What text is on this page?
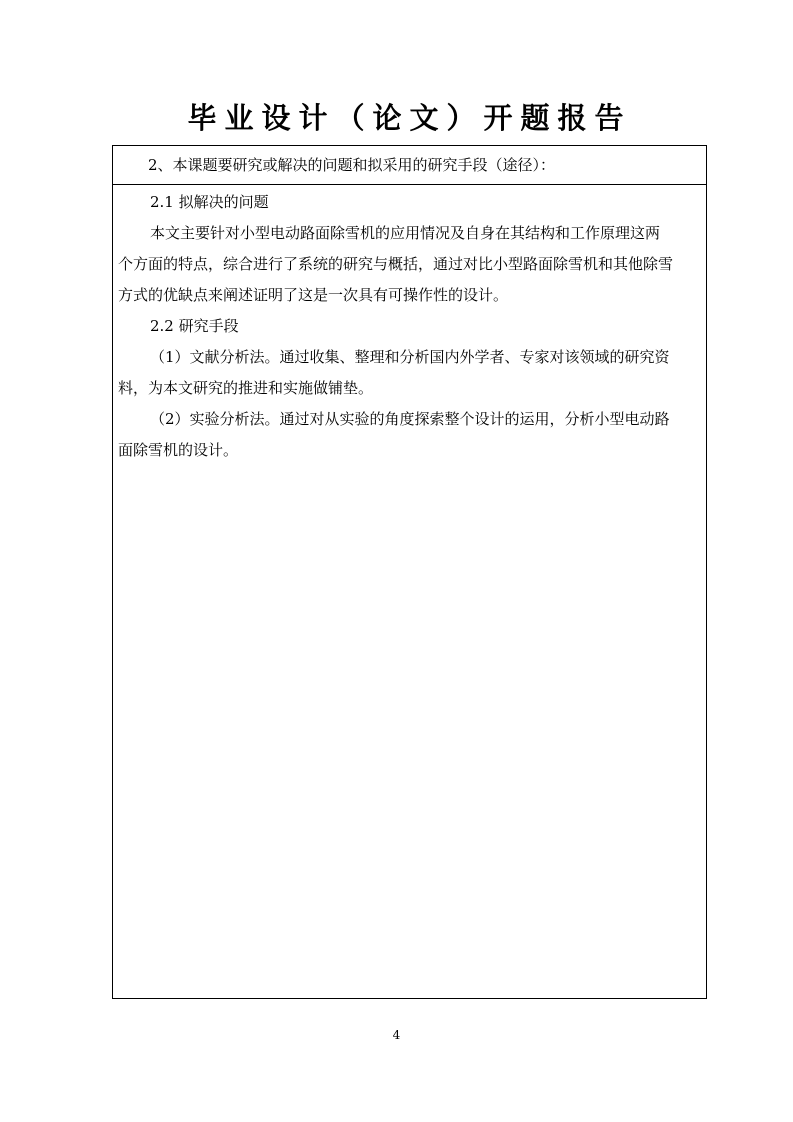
毕业设计（论文）开题报告
2、本课题要研究或解决的问题和拟采用的研究手段（途径）：
2.1 拟解决的问题
本文主要针对小型电动路面除雪机的应用情况及自身在其结构和工作原理这两
个方面的特点，综合进行了系统的研究与概括，通过对比小型路面除雪机和其他除雪
方式的优缺点来阐述证明了这是一次具有可操作性的设计。
2.2 研究手段
（1）文献分析法。通过收集、整理和分析国内外学者、专家对该领域的研究资
料，为本文研究的推进和实施做铺垫。
（2）实验分析法。通过对从实验的角度探索整个设计的运用，分析小型电动路
面除雪机的设计。
4
